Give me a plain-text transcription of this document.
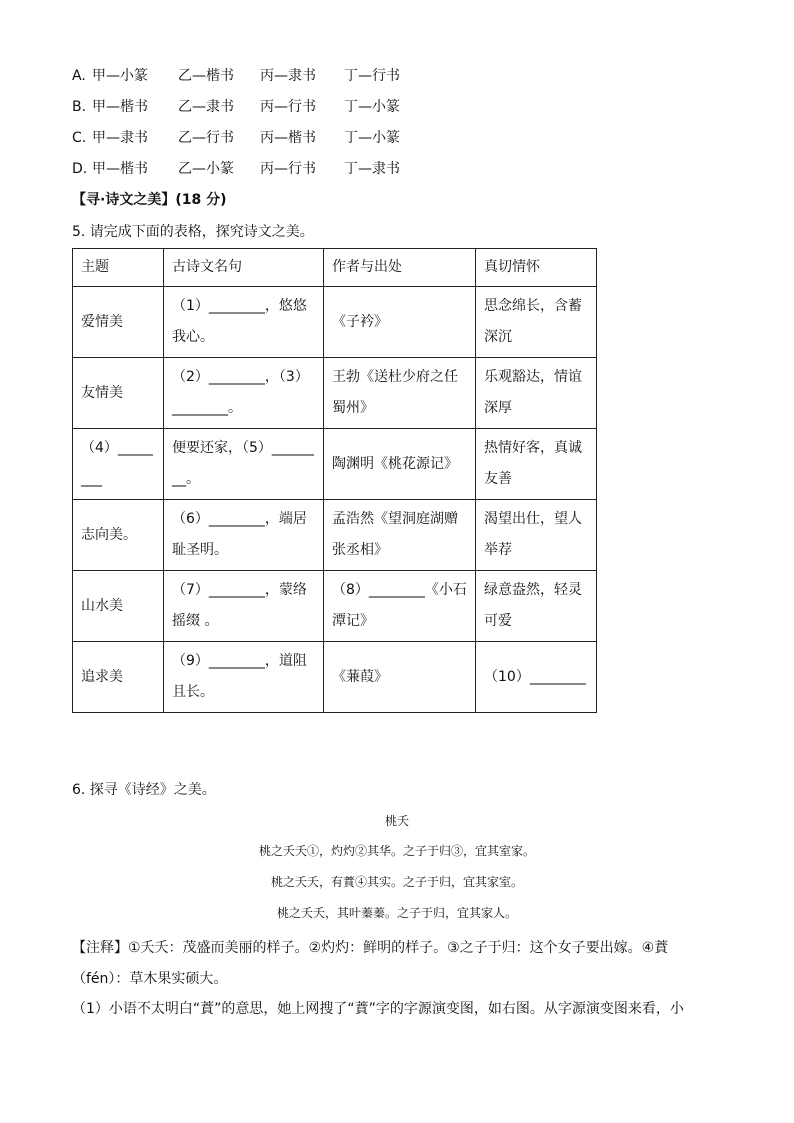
A. 甲—小篆 乙—楷书 丙—隶书 丁—行书
B. 甲—楷书 乙—隶书 丙—行书 丁—小篆
C. 甲—隶书 乙—行书 丙—楷书 丁—小篆
D. 甲—楷书 乙—小篆 丙—行书 丁—隶书
【寻·诗文之美】(18 分)
5. 请完成下面的表格，探究诗文之美。
主题	古诗文名句	作者与出处	真切情怀
爱情美	（1）________，悠悠我心。	《子衿》	思念绵长，含蓄深沉
友情美	（2）________，（3）________。	王勃《送杜少府之任蜀州》	乐观豁达，情谊深厚
（4）________	便要还家，（5）________。	陶渊明《桃花源记》	热情好客，真诚友善
志向美。	（6）________，端居耻圣明。	孟浩然《望洞庭湖赠张丞相》	渴望出仕，望人举荐
山水美	（7）________，蒙络摇缀 。	（8）________《小石潭记》	绿意盎然，轻灵可爱
追求美	（9）________，道阻且长。	《蒹葭》	（10）________
6. 探寻《诗经》之美。
桃夭
桃之夭夭①，灼灼②其华。之子于归③，宜其室家。
桃之夭夭，有蕡④其实。之子于归，宜其家室。
桃之夭夭，其叶蓁蓁。之子于归，宜其家人。
【注释】①夭夭：茂盛而美丽的样子。②灼灼：鲜明的样子。③之子于归：这个女子要出嫁。④蕡（fén）：草木果实硕大。
（1）小语不太明白“蕡”的意思，她上网搜了“蕡”字的字源演变图，如右图。从字源演变图来看，小
